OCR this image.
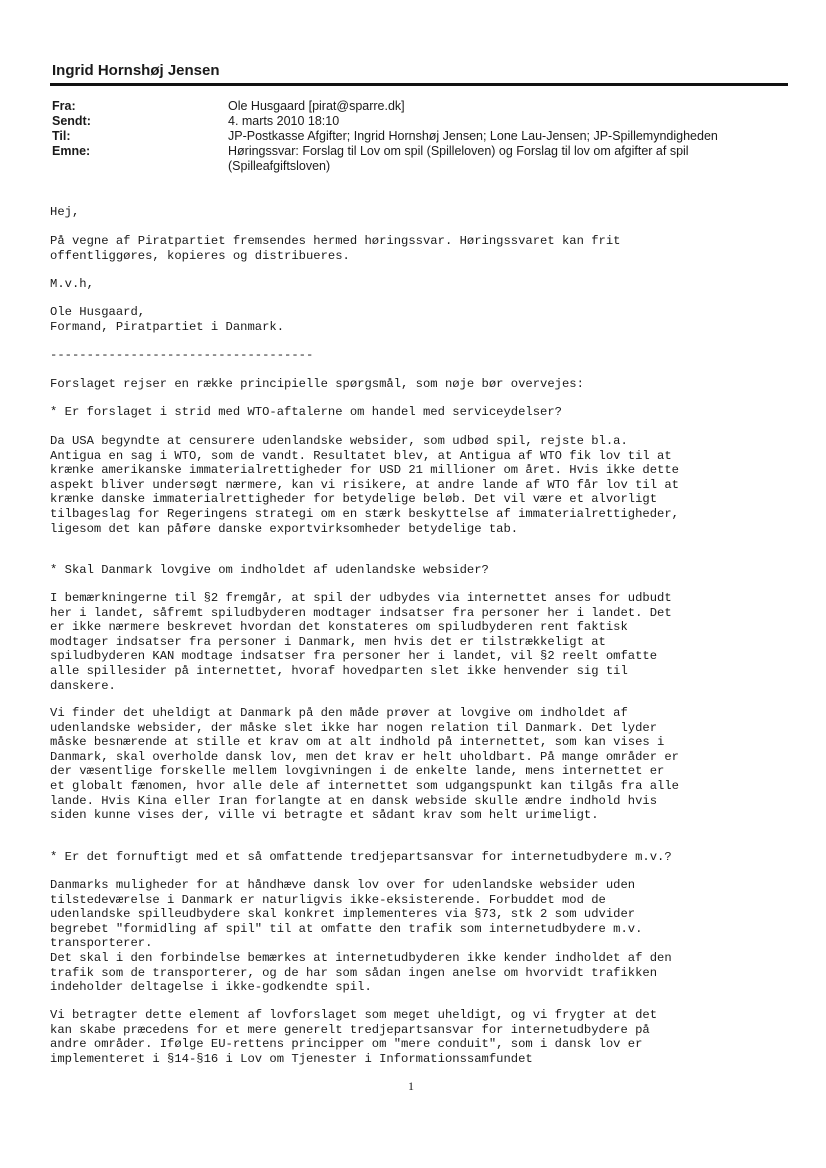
Ingrid Hornshøj Jensen
Fra:	Ole Husgaard [pirat@sparre.dk]
Sendt:	4. marts 2010 18:10
Til:	JP-Postkasse Afgifter; Ingrid Hornshøj Jensen; Lone Lau-Jensen; JP-Spillemyndigheden
Emne:	Høringssvar: Forslag til Lov om spil (Spilleloven) og Forslag til lov om afgifter af spil
(Spilleafgiftsloven)
Hej,
På vegne af Piratpartiet fremsendes hermed høringssvar. Høringssvaret kan frit
offentliggøres, kopieres og distribueres.
M.v.h,
Ole Husgaard,
Formand, Piratpartiet i Danmark.
------------------------------------
Forslaget rejser en række principielle spørgsmål, som nøje bør overvejes:
* Er forslaget i strid med WTO-aftalerne om handel med serviceydelser?
Da USA begyndte at censurere udenlandske websider, som udbød spil, rejste bl.a.
Antigua en sag i WTO, som de vandt. Resultatet blev, at Antigua af WTO fik lov til at
krænke amerikanske immaterialrettigheder for USD 21 millioner om året. Hvis ikke dette
aspekt bliver undersøgt nærmere, kan vi risikere, at andre lande af WTO får lov til at
krænke danske immaterialrettigheder for betydelige beløb. Det vil være et alvorligt
tilbageslag for Regeringens strategi om en stærk beskyttelse af immaterialrettigheder,
ligesom det kan påføre danske exportvirksomheder betydelige tab.
* Skal Danmark lovgive om indholdet af udenlandske websider?
I bemærkningerne til §2 fremgår, at spil der udbydes via internettet anses for udbudt
her i landet, såfremt spiludbyderen modtager indsatser fra personer her i landet. Det
er ikke nærmere beskrevet hvordan det konstateres om spiludbyderen rent faktisk
modtager indsatser fra personer i Danmark, men hvis det er tilstrækkeligt at
spiludbyderen KAN modtage indsatser fra personer her i landet, vil §2 reelt omfatte
alle spillesider på internettet, hvoraf hovedparten slet ikke henvender sig til
danskere.
Vi finder det uheldigt at Danmark på den måde prøver at lovgive om indholdet af
udenlandske websider, der måske slet ikke har nogen relation til Danmark. Det lyder
måske besnærende at stille et krav om at alt indhold på internettet, som kan vises i
Danmark, skal overholde dansk lov, men det krav er helt uholdbart. På mange områder er
der væsentlige forskelle mellem lovgivningen i de enkelte lande, mens internettet er
et globalt fænomen, hvor alle dele af internettet som udgangspunkt kan tilgås fra alle
lande. Hvis Kina eller Iran forlangte at en dansk webside skulle ændre indhold hvis
siden kunne vises der, ville vi betragte et sådant krav som helt urimeligt.
* Er det fornuftigt med et så omfattende tredjepartsansvar for internetudbydere m.v.?
Danmarks muligheder for at håndhæve dansk lov over for udenlandske websider uden
tilstedeværelse i Danmark er naturligvis ikke-eksisterende. Forbuddet mod de
udenlandske spilleudbydere skal konkret implementeres via §73, stk 2 som udvider
begrebet "formidling af spil" til at omfatte den trafik som internetudbydere m.v.
transporterer.
Det skal i den forbindelse bemærkes at internetudbyderen ikke kender indholdet af den
trafik som de transporterer, og de har som sådan ingen anelse om hvorvidt trafikken
indeholder deltagelse i ikke-godkendte spil.
Vi betragter dette element af lovforslaget som meget uheldigt, og vi frygter at det
kan skabe præcedens for et mere generelt tredjepartsansvar for internetudbydere på
andre områder. Ifølge EU-rettens principper om "mere conduit", som i dansk lov er
implementeret i §14-§16 i Lov om Tjenester i Informationssamfundet
1
